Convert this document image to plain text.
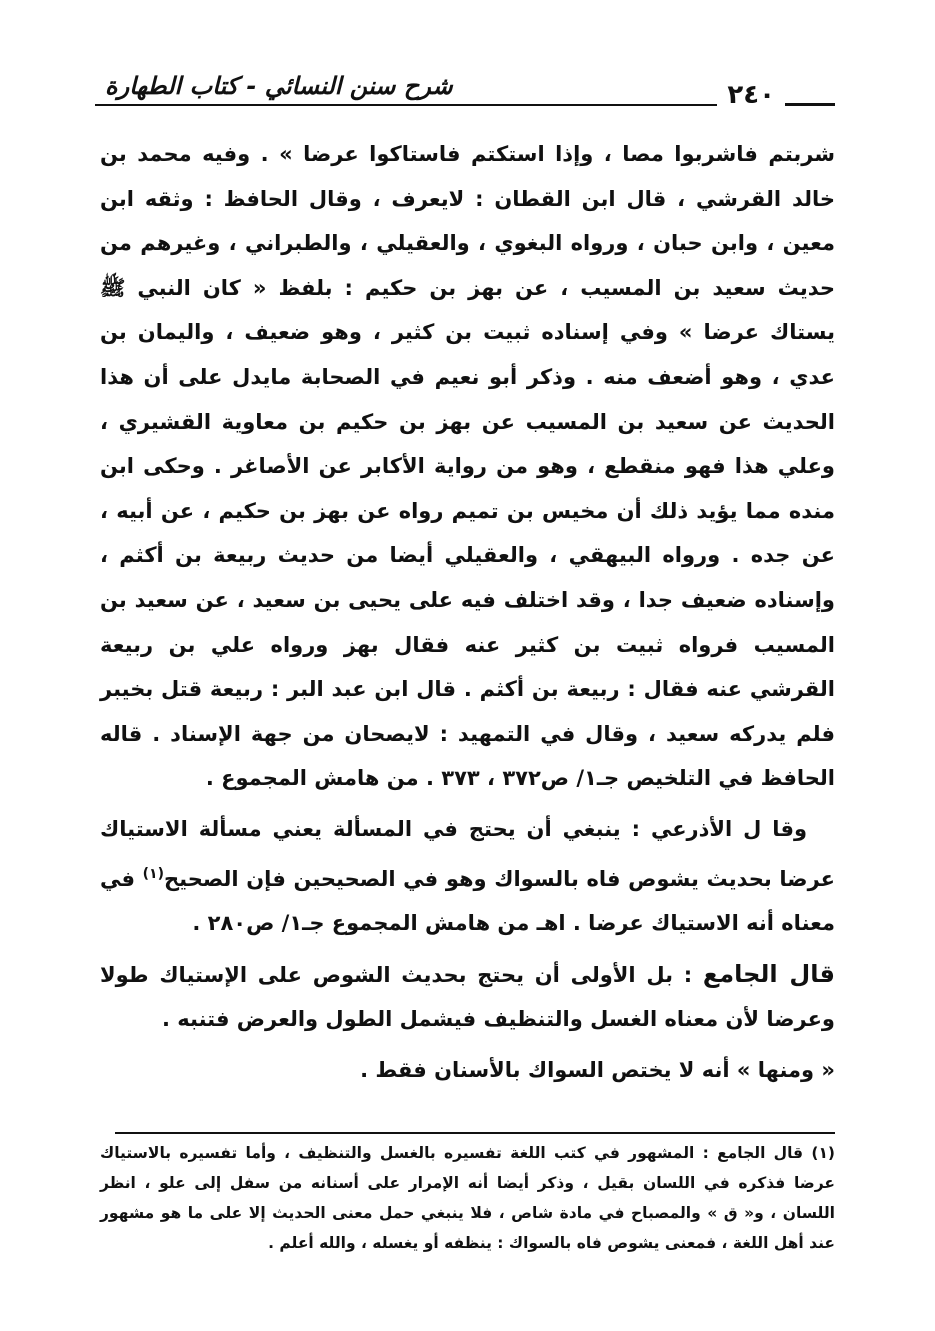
شرح سنن النسائي - كتاب الطهارة	٢٤٠

شربتم فاشربوا مصا ، وإذا استكتم فاستاكوا عرضا » . وفيه محمد بن خالد القرشي ، قال ابن القطان : لايعرف ، وقال الحافظ : وثقه ابن معين ، وابن حبان ، ورواه البغوي ، والعقيلي ، والطبراني ، وغيرهم من حديث سعيد بن المسيب ، عن بهز بن حكيم : بلفظ « كان النبي ﷺ يستاك عرضا » وفي إسناده ثبيت بن كثير ، وهو ضعيف ، واليمان بن عدي ، وهو أضعف منه . وذكر أبو نعيم في الصحابة مايدل على أن هذا الحديث عن سعيد بن المسيب عن بهز بن حكيم بن معاوية القشيري ، وعلي هذا فهو منقطع ، وهو من رواية الأكابر عن الأصاغر . وحكى ابن منده مما يؤيد ذلك أن مخيس بن تميم رواه عن بهز بن حكيم ، عن أبيه ، عن جده . ورواه البيهقي ، والعقيلي أيضا من حديث ربيعة بن أكثم ، وإسناده ضعيف جدا ، وقد اختلف فيه على يحيى بن سعيد ، عن سعيد بن المسيب فرواه ثبيت بن كثير عنه فقال بهز ورواه علي بن ربيعة القرشي عنه فقال : ربيعة بن أكثم . قال ابن عبد البر : ربيعة قتل بخيبر فلم يدركه سعيد ، وقال في التمهيد : لايصحان من جهة الإسناد . قاله الحافظ في التلخيص جـ١/ ص٣٧٢ ، ٣٧٣ . من هامش المجموع .

وقا ل الأذرعي : ينبغي أن يحتج في المسألة يعني مسألة الاستياك عرضا بحديث يشوص فاه بالسواك وهو في الصحيحين فإن الصحيح$^{(١)}$ في معناه أنه الاستياك عرضا . اهـ من هامش المجموع جـ١/ ص٢٨٠ .

قال الجامع : بل الأولى أن يحتج بحديث الشوص على الإستياك طولا وعرضا لأن معناه الغسل والتنظيف فيشمل الطول والعرض فتنبه .

« ومنها » أنه لا يختص السواك بالأسنان فقط .

(١) قال الجامع : المشهور في كتب اللغة تفسيره بالغسل والتنظيف ، وأما تفسيره بالاستياك عرضا فذكره في اللسان بقيل ، وذكر أيضا أنه الإمرار على أسنانه من سفل إلى علو ، انظر اللسان ، و« ق » والمصباح في مادة شاص ، فلا ينبغي حمل معنى الحديث إلا على ما هو مشهور عند أهل اللغة ، فمعنى يشوص فاه بالسواك : ينظفه أو يغسله ، والله أعلم .
